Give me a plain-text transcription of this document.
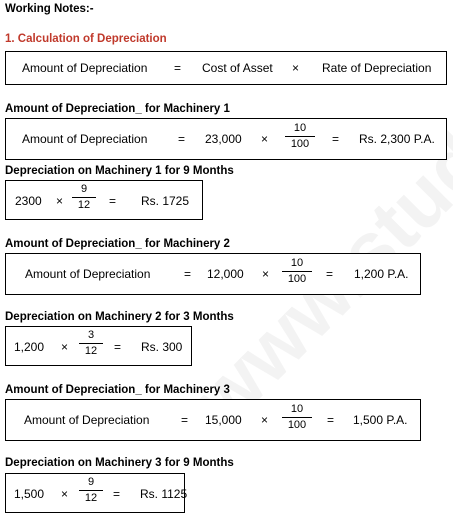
Working Notes:-
1. Calculation of Depreciation
Amount of Depreciation = Cost of Asset × Rate of Depreciation
Amount of Depreciation_ for Machinery 1
Amount of Depreciation	= 23,000 ×
10
100	= Rs. 2,300 P.A.
Depreciation on Machinery 1 for 9 Months
2300 ×
9
12	= Rs. 1725
Amount of Depreciation_ for Machinery 2
Amount of Depreciation	= 12,000 ×
10
100	= 1,200 P.A.
Depreciation on Machinery 2 for 3 Months
1,200 ×
3
12	= Rs. 300
Amount of Depreciation_ for Machinery 3
Amount of Depreciation	= 15,000 ×
10
100	= 1,500 P.A.
Depreciation on Machinery 3 for 9 Months
1,500 ×
9
12	= Rs. 1125
